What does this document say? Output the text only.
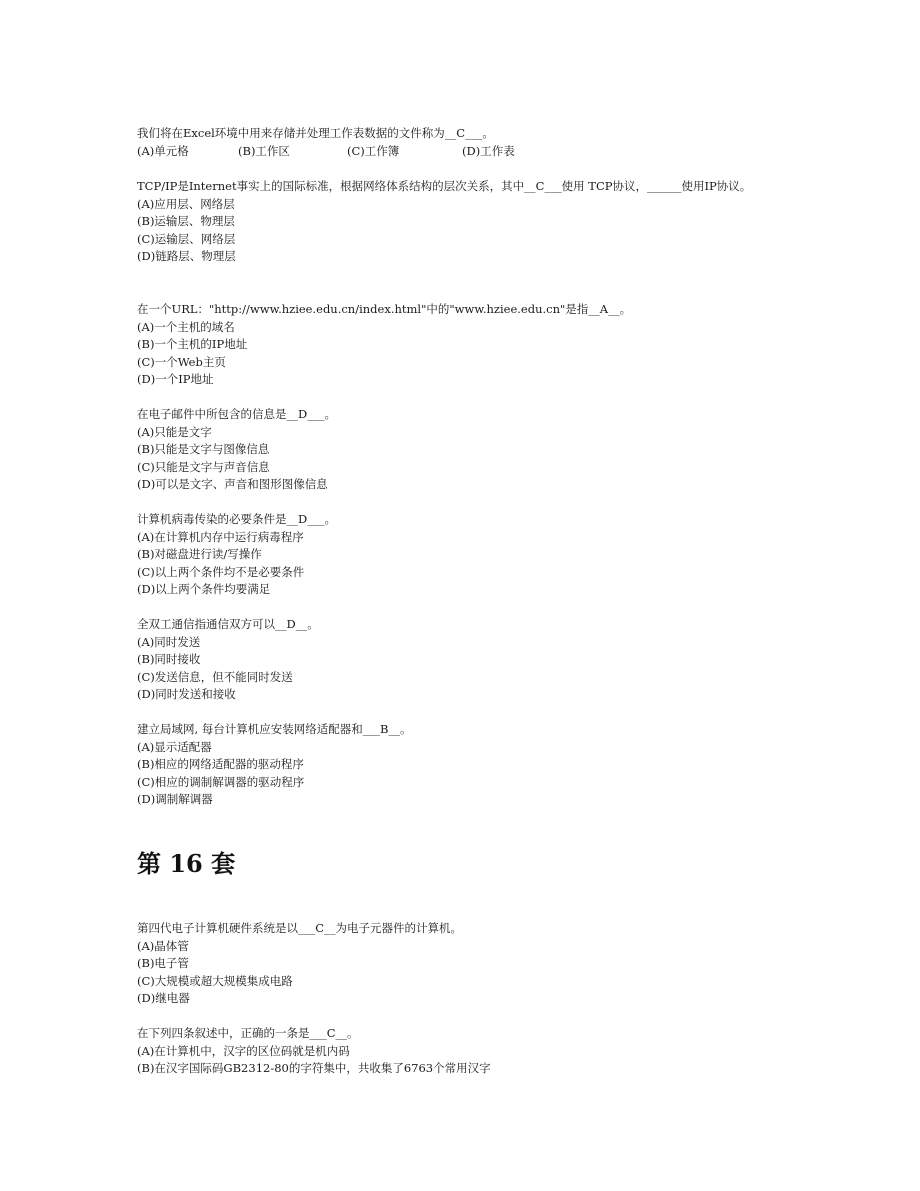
我们将在Excel环境中用来存储并处理工作表数据的文件称为__C___。

(A)单元格	(B)工作区	(C)工作簿	(D)工作表

TCP/IP是Internet事实上的国际标准，根据网络体系结构的层次关系，其中__C___使用 TCP协议，______使用IP协议。

(A)应用层、网络层

(B)运输层、物理层

(C)运输层、网络层

(D)链路层、物理层

在一个URL："http://www.hziee.edu.cn/index.html"中的"www.hziee.edu.cn"是指__A__。

(A)一个主机的域名

(B)一个主机的IP地址

(C)一个Web主页

(D)一个IP地址

在电子邮件中所包含的信息是__D___。

(A)只能是文字

(B)只能是文字与图像信息

(C)只能是文字与声音信息

(D)可以是文字、声音和图形图像信息

计算机病毒传染的必要条件是__D___。

(A)在计算机内存中运行病毒程序

(B)对磁盘进行读/写操作

(C)以上两个条件均不是必要条件

(D)以上两个条件均要满足

全双工通信指通信双方可以__D__。

(A)同时发送

(B)同时接收

(C)发送信息，但不能同时发送

(D)同时发送和接收

建立局域网, 每台计算机应安装网络适配器和___B__。

(A)显示适配器

(B)相应的网络适配器的驱动程序

(C)相应的调制解调器的驱动程序

(D)调制解调器

第 16 套

第四代电子计算机硬件系统是以___C__为电子元器件的计算机。

(A)晶体管

(B)电子管

(C)大规模或超大规模集成电路

(D)继电器

在下列四条叙述中，正确的一条是___C__。

(A)在计算机中，汉字的区位码就是机内码

(B)在汉字国际码GB2312-80的字符集中，共收集了6763个常用汉字
